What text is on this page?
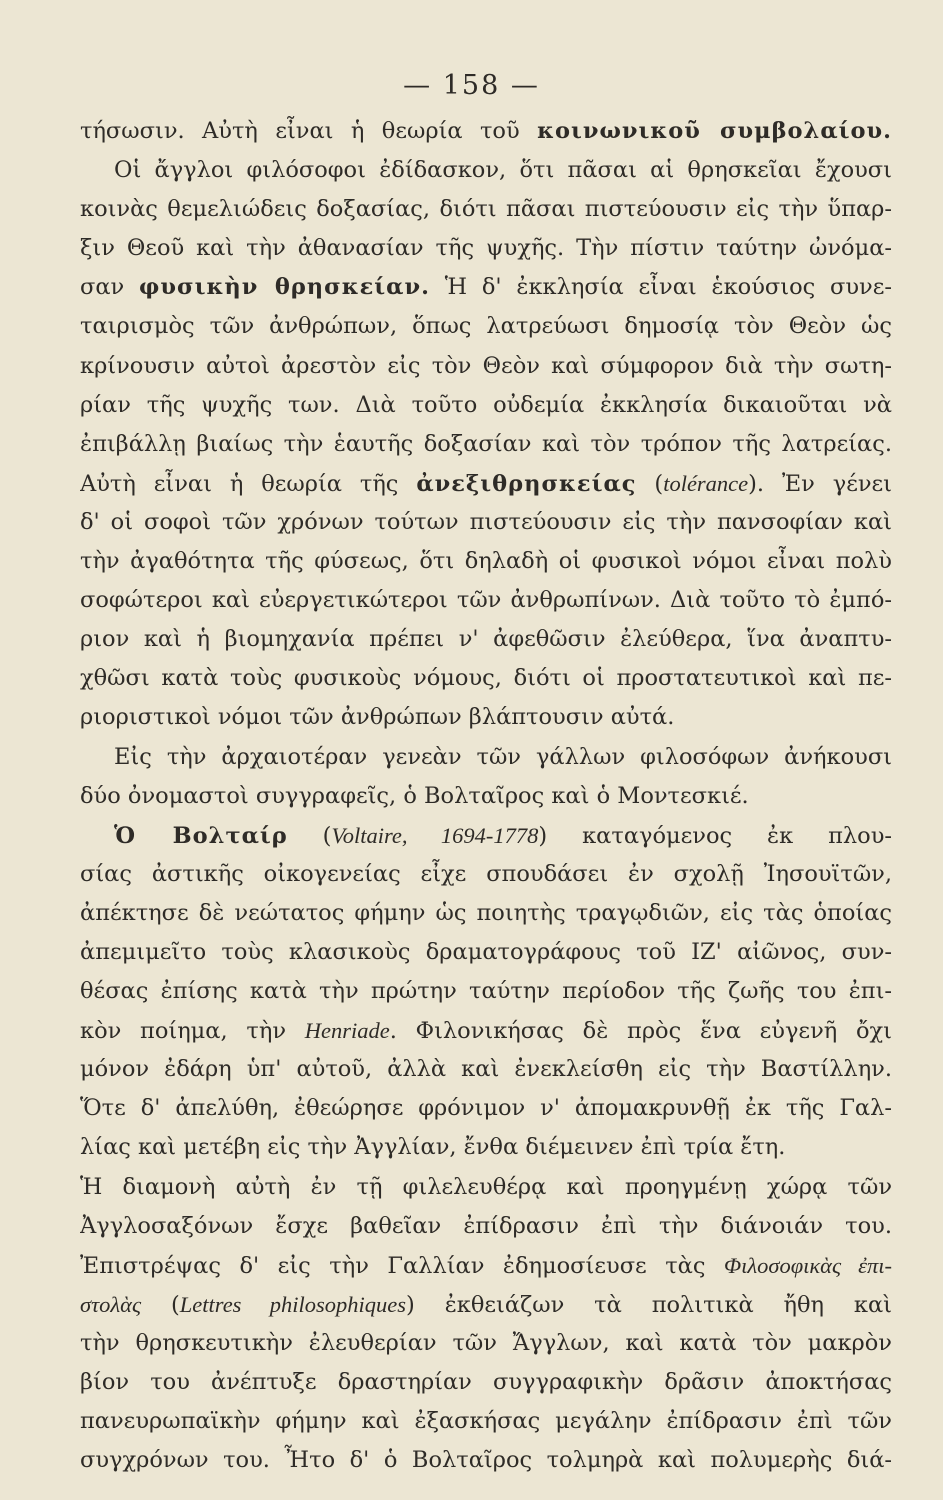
— 158 —
τήσωσιν. Αὐτὴ εἶναι ἡ θεωρία τοῦ κοινωνικοῦ συμβολαίου.
Οἱ ἄγγλοι φιλόσοφοι ἐδίδασκον, ὅτι πᾶσαι αἱ θρησκεῖαι ἔχουσι
κοινὰς θεμελιώδεις δοξασίας, διότι πᾶσαι πιστεύουσιν εἰς τὴν ὕπαρ-
ξιν Θεοῦ καὶ τὴν ἀθανασίαν τῆς ψυχῆς. Τὴν πίστιν ταύτην ὠνόμα-
σαν φυσικὴν θρησκείαν. Ἡ δ' ἐκκλησία εἶναι ἑκούσιος συνε-
ταιρισμὸς τῶν ἀνθρώπων, ὅπως λατρεύωσι δημοσίᾳ τὸν Θεὸν ὡς
κρίνουσιν αὐτοὶ ἀρεστὸν εἰς τὸν Θεὸν καὶ σύμφορον διὰ τὴν σωτη-
ρίαν τῆς ψυχῆς των. Διὰ τοῦτο οὐδεμία ἐκκλησία δικαιοῦται νὰ
ἐπιβάλλῃ βιαίως τὴν ἑαυτῆς δοξασίαν καὶ τὸν τρόπον τῆς λατρείας.
Αὐτὴ εἶναι ἡ θεωρία τῆς ἀνεξιθρησκείας (tolérance). Ἐν γένει
δ' οἱ σοφοὶ τῶν χρόνων τούτων πιστεύουσιν εἰς τὴν πανσοφίαν καὶ
τὴν ἀγαθότητα τῆς φύσεως, ὅτι δηλαδὴ οἱ φυσικοὶ νόμοι εἶναι πολὺ
σοφώτεροι καὶ εὐεργετικώτεροι τῶν ἀνθρωπίνων. Διὰ τοῦτο τὸ ἐμπό-
ριον καὶ ἡ βιομηχανία πρέπει ν' ἀφεθῶσιν ἐλεύθερα, ἵνα ἀναπτυ-
χθῶσι κατὰ τοὺς φυσικοὺς νόμους, διότι οἱ προστατευτικοὶ καὶ πε-
ριοριστικοὶ νόμοι τῶν ἀνθρώπων βλάπτουσιν αὐτά.
Εἰς τὴν ἀρχαιοτέραν γενεὰν τῶν γάλλων φιλοσόφων ἀνήκουσι
δύο ὀνομαστοὶ συγγραφεῖς, ὁ Βολταῖρος καὶ ὁ Μοντεσκιέ.
Ὁ Βολταίρ (Voltaire, 1694-1778) καταγόμενος ἐκ πλου-
σίας ἀστικῆς οἰκογενείας εἶχε σπουδάσει ἐν σχολῇ Ἰησουϊτῶν,
ἀπέκτησε δὲ νεώτατος φήμην ὡς ποιητὴς τραγῳδιῶν, εἰς τὰς ὁποίας
ἀπεμιμεῖτο τοὺς κλασικοὺς δραματογράφους τοῦ ΙΖ' αἰῶνος, συν-
θέσας ἐπίσης κατὰ τὴν πρώτην ταύτην περίοδον τῆς ζωῆς του ἐπι-
κὸν ποίημα, τὴν Henriade. Φιλονικήσας δὲ πρὸς ἕνα εὐγενῆ ὄχι
μόνον ἐδάρη ὑπ' αὐτοῦ, ἀλλὰ καὶ ἐνεκλείσθη εἰς τὴν Βαστίλλην.
Ὅτε δ' ἀπελύθη, ἐθεώρησε φρόνιμον ν' ἀπομακρυνθῇ ἐκ τῆς Γαλ-
λίας καὶ μετέβη εἰς τὴν Ἀγγλίαν, ἔνθα διέμεινεν ἐπὶ τρία ἔτη.
Ἡ διαμονὴ αὐτὴ ἐν τῇ φιλελευθέρᾳ καὶ προηγμένῃ χώρᾳ τῶν
Ἀγγλοσαξόνων ἔσχε βαθεῖαν ἐπίδρασιν ἐπὶ τὴν διάνοιάν του.
Ἐπιστρέψας δ' εἰς τὴν Γαλλίαν ἐδημοσίευσε τὰς Φιλοσοφικὰς ἐπι-
στολὰς (Lettres philosophiques) ἐκθειάζων τὰ πολιτικὰ ἤθη καὶ
τὴν θρησκευτικὴν ἐλευθερίαν τῶν Ἄγγλων, καὶ κατὰ τὸν μακρὸν
βίον του ἀνέπτυξε δραστηρίαν συγγραφικὴν δρᾶσιν ἀποκτήσας
πανευρωπαϊκὴν φήμην καὶ ἐξασκήσας μεγάλην ἐπίδρασιν ἐπὶ τῶν
συγχρόνων του. Ἦτο δ' ὁ Βολταῖρος τολμηρὰ καὶ πολυμερὴς διά-
